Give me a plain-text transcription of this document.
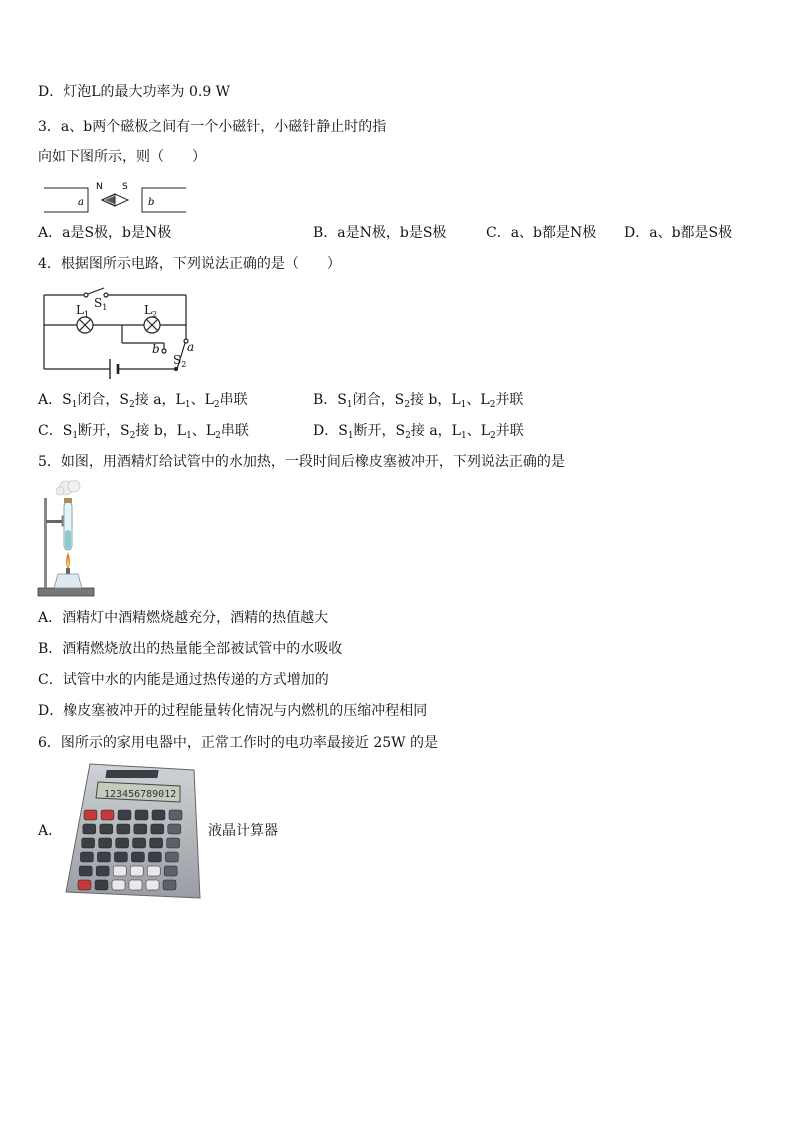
D．灯泡L的最大功率为 0.9 W
3．a、b两个磁极之间有一个小磁针，小磁针静止时的指
向如下图所示，则（　　）
a	b
N S
A．a是S极，b是N极	B．a是N极，b是S极	C．a、b都是N极 D．a、b都是S极
4．根据图所示电路，下列说法正确的是（　　）
$S_1$
$L_1$	$L_2$
b a
$S_2$
A．$S_1$闭合，$S_2$接 a，$L_1$、$L_2$串联	B．$S_1$闭合，$S_2$接 b，$L_1$、$L_2$并联
C．$S_1$断开，$S_2$接 b，$L_1$、$L_2$串联	D．$S_1$断开，$S_2$接 a，$L_1$、$L_2$并联
5．如图，用酒精灯给试管中的水加热，一段时间后橡皮塞被冲开，下列说法正确的是
A．酒精灯中酒精燃烧越充分，酒精的热值越大
B．酒精燃烧放出的热量能全部被试管中的水吸收
C．试管中水的内能是通过热传递的方式增加的
D．橡皮塞被冲开的过程能量转化情况与内燃机的压缩冲程相同
6．图所示的家用电器中，正常工作时的电功率最接近 25W 的是
A．
123456789012
液晶计算器
